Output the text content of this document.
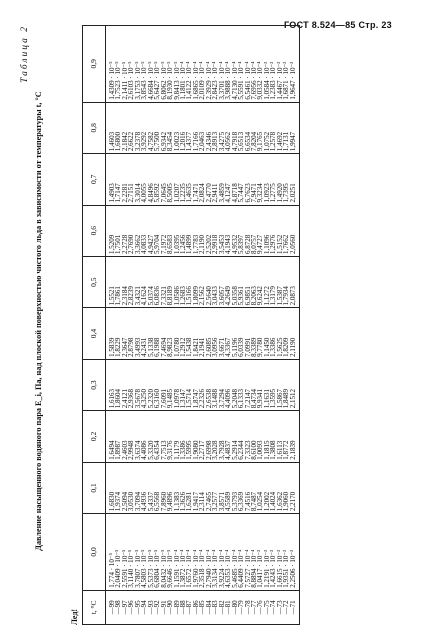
ГОСТ 8.524—85 Стр. 23
Таблица 2
Давление насыщенного водяного пара E_i, Па, над плоской поверхностью чистого льда в зависимости от температуры t, °С
Лед!
t, °С	0,0	0,1	0,2	0,3	0,4	0,5	0,6	0,7	0,8	0,9
—99	1,774 · 10⁻⁵	1,6830	1,6494	1,6163	1,5839	1,5521	1,5209	1,4903	1,4603	1,4309 · 10⁻⁵
—98	2,0409 · 10⁻⁵	1,9374	1,8987	1,8604	1,8229	1,7861	1,7501	1,7147	1,6800	1,7523 · 10⁻⁵
—97	2,5591 · 10⁻⁵	2,5094	2,4603	2,4121	2,3647	2,3184	2,2728	2,2281	2,1842	2,1411 · 10⁻⁵
—96	3,1140 · 10⁻⁵	3,0530	2,9948	2,9368	2,8798	2,8239	2,7690	2,7151	2,6622	2,6103 · 10⁻⁵
—95	3,7807 · 10⁻⁵	3,7094	3,6374	3,5678	3,4993	3,4321	3,3662	3,3014	3,2378	3,1753 · 10⁻⁵
—94	4,5803 · 10⁻⁵	4,4936	4,4086	4,3250	4,2431	4,1624	4,0833	4,0055	3,9292	3,8543 · 10⁻⁵
—93	5,5373 · 10⁻⁵	5,4337	5,3320	5,2320	5,1338	5,0374	4,9427	4,8496	4,7582	4,6684 · 10⁻⁵
—92	6,6804 · 10⁻⁵	6,5568	6,4354	6,3160	6,1988	6,0836	5,9704	5,8592	5,7500	5,6427 · 10⁻⁵
—91	8,0432 · 10⁻⁵	7,8960	7,7513	7,6091	7,4694	7,3321	7,1972	7,0645	6,9342	6,8062 · 10⁻⁵
—90	9,6646 · 10⁻⁵	9,4896	9,3176	9,1485	8,9823	8,8189	8,6583	8,5005	8,3454	8,1930 · 10⁻⁵
—89	1,1591 · 10⁻⁴	1,1383	1,1179	1,0978	1,0780	1,0586	1,0395	1,0207	1,0023	9,8413 · 10⁻⁵
—88	1,3872 · 10⁻⁴	1,3626	1,3386	1,3147	1,2912	1,2683	1,2456	1,2235	1,2016	1,1801 · 10⁻⁴
—87	1,6572 · 10⁻⁴	1,6281	1,5995	1,5714	1,5438	1,5166	1,4899	1,4635	1,4377	1,4122 · 10⁻⁴
—86	1,9760 · 10⁻⁴	1,9417	1,9080	1,8747	1,8421	1,8099	1,7783	1,7471	1,7166	1,6865 · 10⁻⁴
—85	2,3518 · 10⁻⁴	2,3114	2,2717	2,2326	2,1941	2,1562	2,1190	2,0824	2,0463	2,0109 · 10⁻⁴
—84	2,7940 · 10⁻⁴	2,7465	2,6998	2,6538	2,6085	2,5640	2,5202	2,4770	2,4346	2,3929 · 10⁻⁴
—83	3,3134 · 10⁻⁴	3,2577	3,2028	3,1488	3,0956	3,0433	2,9918	2,9411	2,8913	2,8423 · 10⁻⁴
—82	3,9224 · 10⁻⁴	3,8571	3,7928	3,7294	3,6671	3,6057	3,5453	3,4859	3,4275	3,3701 · 10⁻⁴
—81	4,6353 · 10⁻⁴	4,5589	4,4837	4,4096	4,3367	4,2649	4,1943	4,1247	4,0562	3,9888 · 10⁻⁴
—80	5,4685 · 10⁻⁴	5,3793	5,2914	5,2048	5,1196	5,0358	4,9532	4,8718	4,7918	4,7130 · 10⁻⁴
—79	6,4409 · 10⁻⁴	6,3369	6,2344	6,1333	6,0339	5,9361	5,8397	5,7447	5,6513	5,5591 · 10⁻⁴
—78	7,5727 · 10⁻⁴	7,4516	7,3323	7,2147	7,0991	6,9851	6,8728	6,7623	6,6534	6,5461 · 10⁻⁴
—77	8,8894 · 10⁻⁴	8,7487	8,6100	8,4734	8,3389	8,2063	8,0757	7,9471	7,8204	7,6956 · 10⁻⁴
—76	1,0417 · 10⁻³	1,0254	1,0093	9,9341	9,7780	9,6242	9,4727	9,3234	9,1765	9,0332 · 10⁻⁴
—75	1,2191 · 10⁻³	1,2002	1,1815	1,1631	1,1450	1,1272	1,1096	1,0923	1,0752	1,0584 · 10⁻³
—74	1,4243 · 10⁻³	1,4024	1,3808	1,3595	1,3386	1,3179	1,2976	1,2775	1,2578	1,2383 · 10⁻³
—73	1,6615 · 10⁻³	1,6362	1,6113	1,5867	1,5625	1,5387	1,5152	1,4920	1,4692	1,4467 · 10⁻³
—72	1,9351 · 10⁻³	1,9060	1,8772	1,8489	1,8209	1,7934	1,7662	1,7395	1,7131	1,6871 · 10⁻³
—71	2,2506 · 10⁻³	2,2170	2,1839	2,1512	2,1190	2,0873	2,0560	2,0251	1,9947	1,9647 · 10⁻³
